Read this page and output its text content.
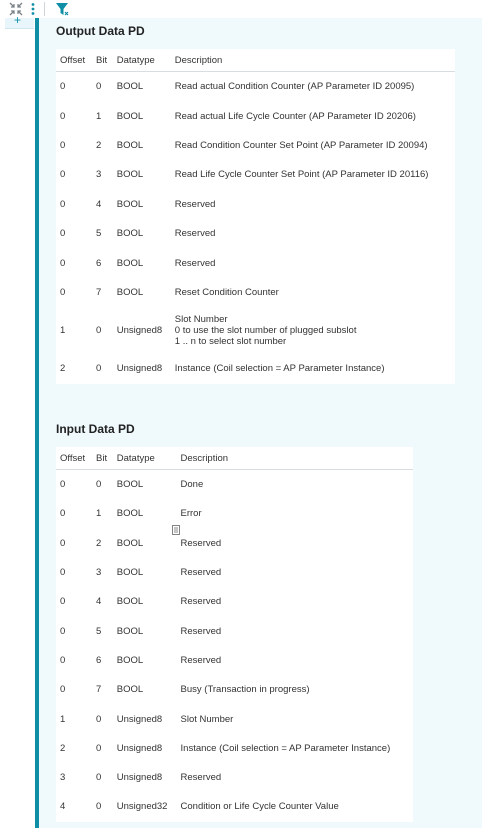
+
Output Data PD
Offset	Bit	Datatype	Description
0	0	BOOL	Read actual Condition Counter (AP Parameter ID 20095)

0	1	BOOL	Read actual Life Cycle Counter (AP Parameter ID 20206)

0	2	BOOL	Read Condition Counter Set Point (AP Parameter ID 20094)

0	3	BOOL	Read Life Cycle Counter Set Point (AP Parameter ID 20116)

0	4	BOOL	Reserved

0	5	BOOL	Reserved

0	6	BOOL	Reserved

0	7	BOOL	Reset Condition Counter

1	0	Unsigned8	Slot Number
0 to use the slot number of plugged subslot
1 .. n to select slot number

2	0	Unsigned8	Instance (Coil selection = AP Parameter Instance)
Input Data PD
Offset	Bit	Datatype	Description
0	0	BOOL	Done

0	1	BOOL	Error

0	2	BOOL	Reserved

0	3	BOOL	Reserved

0	4	BOOL	Reserved

0	5	BOOL	Reserved

0	6	BOOL	Reserved

0	7	BOOL	Busy (Transaction in progress)

1	0	Unsigned8	Slot Number

2	0	Unsigned8	Instance (Coil selection = AP Parameter Instance)

3	0	Unsigned8	Reserved

4	0	Unsigned32	Condition or Life Cycle Counter Value
